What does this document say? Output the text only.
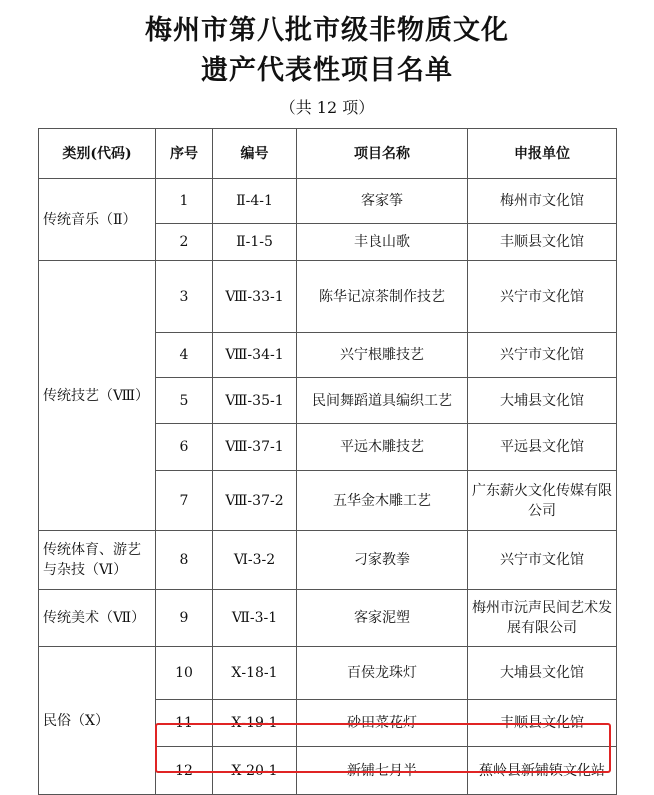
梅州市第八批市级非物质文化
遗产代表性项目名单
（共 12 项）
类别(代码)	序号	编号	项目名称	申报单位
传统音乐（Ⅱ）	1	Ⅱ-4-1	客家筝	梅州市文化馆
	2	Ⅱ-1-5	丰良山歌	丰顺县文化馆
传统技艺（Ⅷ）	3	Ⅷ-33-1	陈华记凉茶制作技艺	兴宁市文化馆
	4	Ⅷ-34-1	兴宁根雕技艺	兴宁市文化馆
	5	Ⅷ-35-1	民间舞蹈道具编织工艺	大埔县文化馆
	6	Ⅷ-37-1	平远木雕技艺	平远县文化馆
	7	Ⅷ-37-2	五华金木雕工艺	广东薪火文化传媒有限公司
传统体育、游艺与杂技（Ⅵ）	8	Ⅵ-3-2	刁家教拳	兴宁市文化馆
传统美术（Ⅶ）	9	Ⅶ-3-1	客家泥塑	梅州市沅声民间艺术发展有限公司
民俗（Ⅹ）	10	Ⅹ-18-1	百侯龙珠灯	大埔县文化馆
	11	Ⅹ-19-1	砂田菜花灯	丰顺县文化馆
	12	Ⅹ-20-1	新铺七月半	蕉岭县新铺镇文化站
